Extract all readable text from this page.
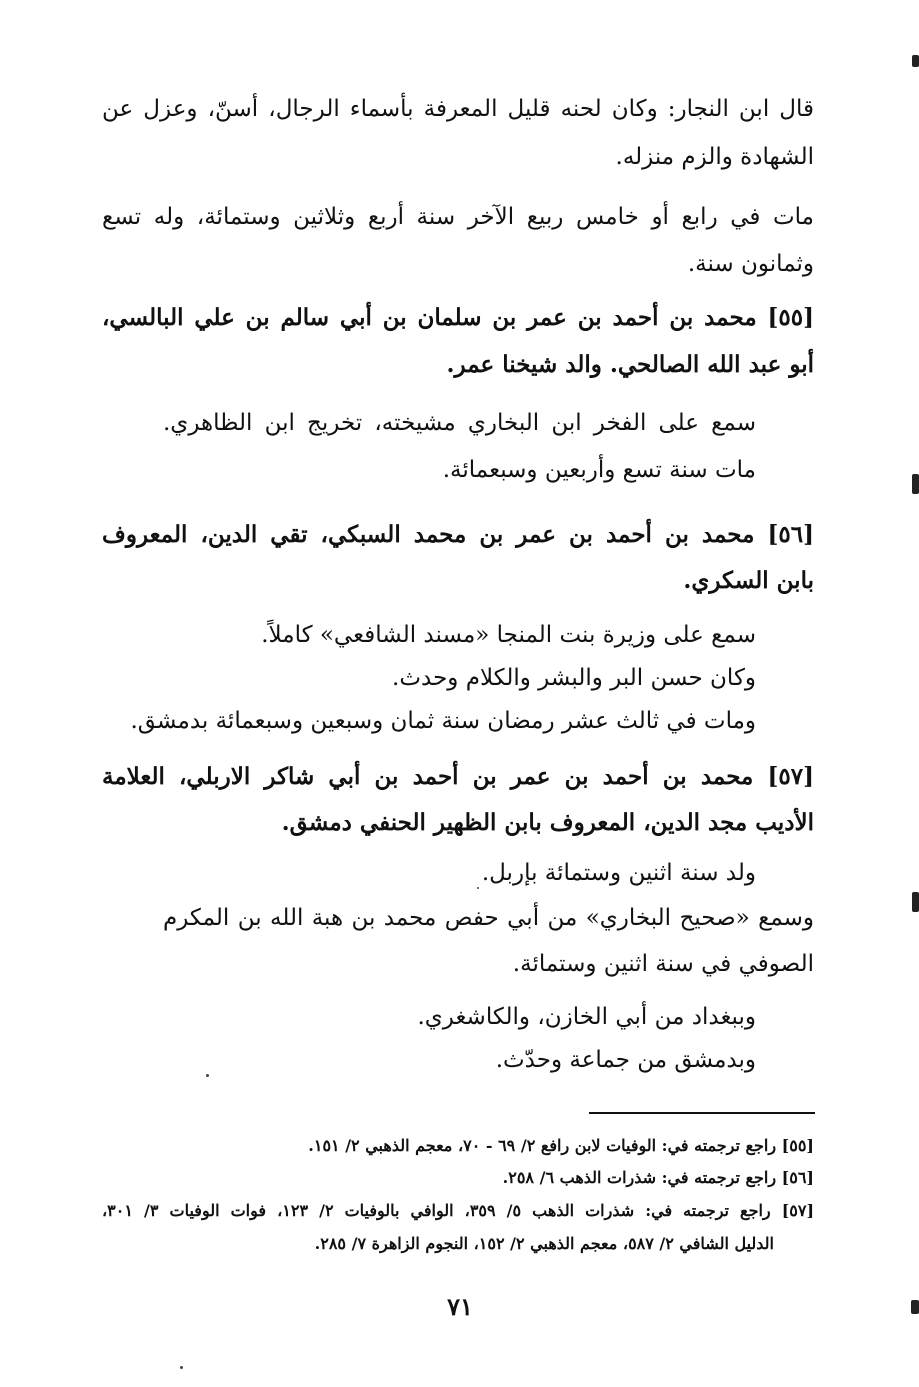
قال ابن النجار: وكان لحنه قليل المعرفة بأسماء الرجال، أسنّ، وعزل عن
الشهادة والزم منزله.
مات في رابع أو خامس ربيع الآخر سنة أربع وثلاثين وستمائة، وله تسع
وثمانون سنة.
[٥٥] محمد بن أحمد بن عمر بن سلمان بن أبي سالم بن علي البالسي،
أبو عبد الله الصالحي. والد شيخنا عمر.
سمع على الفخر ابن البخاري مشيخته، تخريج ابن الظاهري.
مات سنة تسع وأربعين وسبعمائة.
[٥٦] محمد بن أحمد بن عمر بن محمد السبكي، تقي الدين، المعروف
بابن السكري.
سمع على وزيرة بنت المنجا «مسند الشافعي» كاملاً.
وكان حسن البر والبشر والكلام وحدث.
ومات في ثالث عشر رمضان سنة ثمان وسبعين وسبعمائة بدمشق.
[٥٧] محمد بن أحمد بن عمر بن أحمد بن أبي شاكر الاربلي، العلامة
الأديب مجد الدين، المعروف بابن الظهير الحنفي دمشق.
ولد سنة اثنين وستمائة بإربل.
وسمع «صحيح البخاري» من أبي حفص محمد بن هبة الله بن المكرم
الصوفي في سنة اثنين وستمائة.
وببغداد من أبي الخازن، والكاشغري.
وبدمشق من جماعة وحدّث.
[٥٥] راجع ترجمته في: الوفيات لابن رافع ٢/ ٦٩ - ٧٠، معجم الذهبي ٢/ ١٥١.
[٥٦] راجع ترجمته في: شذرات الذهب ٦/ ٢٥٨.
[٥٧] راجع ترجمته في: شذرات الذهب ٥/ ٣٥٩، الوافي بالوفيات ٢/ ١٢٣، فوات الوفيات ٣/ ٣٠١،
الدليل الشافي ٢/ ٥٨٧، معجم الذهبي ٢/ ١٥٢، النجوم الزاهرة ٧/ ٢٨٥.
٧١
